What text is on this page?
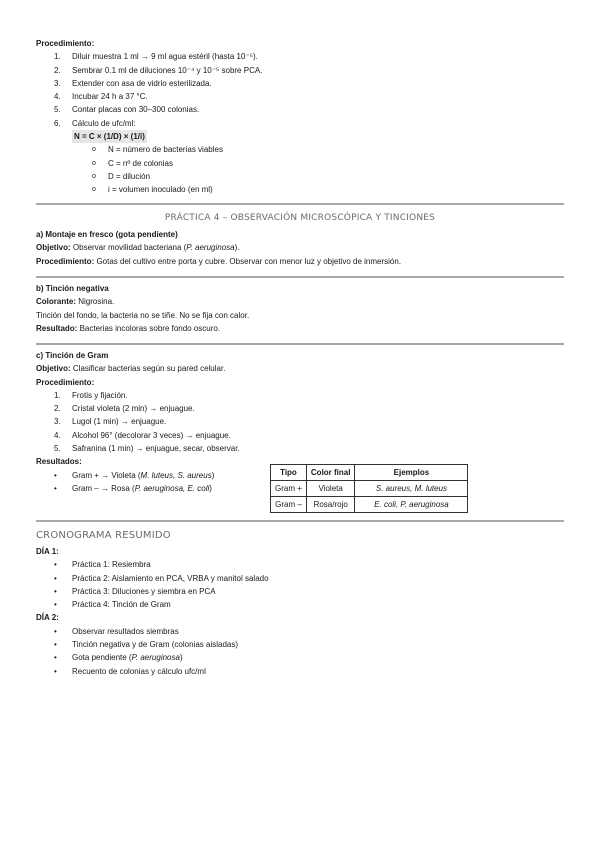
Procedimiento:
1. Diluir muestra 1 ml → 9 ml agua estéril (hasta 10⁻⁵).
2. Sembrar 0.1 ml de diluciones 10⁻⁴ y 10⁻⁵ sobre PCA.
3. Extender con asa de vidrio esterilizada.
4. Incubar 24 h a 37 °C.
5. Contar placas con 30–300 colonias.
6. Cálculo de ufc/ml:
N = C × (1/D) × (1/i)
o N = número de bacterias viables
o C = nº de colonias
o D = dilución
o i = volumen inoculado (en ml)
PRÁCTICA 4 – OBSERVACIÓN MICROSCÓPICA Y TINCIONES
a) Montaje en fresco (gota pendiente)
Objetivo: Observar movilidad bacteriana (P. aeruginosa).
Procedimiento: Gotas del cultivo entre porta y cubre. Observar con menor luz y objetivo de inmersión.
b) Tinción negativa
Colorante: Nigrosina.
Tinción del fondo, la bacteria no se tiñe. No se fija con calor.
Resultado: Bacterias incoloras sobre fondo oscuro.
c) Tinción de Gram
Objetivo: Clasificar bacterias según su pared celular.
Procedimiento:
1. Frotis y fijación.
2. Cristal violeta (2 min) → enjuague.
3. Lugol (1 min) → enjuague.
4. Alcohol 96° (decolorar 3 veces) → enjuague.
5. Safranina (1 min) → enjuague, secar, observar.
Resultados:
• Gram + → Violeta (M. luteus, S. aureus)
• Gram – → Rosa (P. aeruginosa, E. coli)
Tipo	Color final	Ejemplos
Gram +	Violeta	S. aureus, M. luteus
Gram –	Rosa/rojo	E. coli, P. aeruginosa
CRONOGRAMA RESUMIDO
DÍA 1:
• Práctica 1: Resiembra
• Práctica 2: Aislamiento en PCA, VRBA y manitol salado
• Práctica 3: Diluciones y siembra en PCA
• Práctica 4: Tinción de Gram
DÍA 2:
• Observar resultados siembras
• Tinción negativa y de Gram (colonias aisladas)
• Gota pendiente (P. aeruginosa)
• Recuento de colonias y cálculo ufc/ml
